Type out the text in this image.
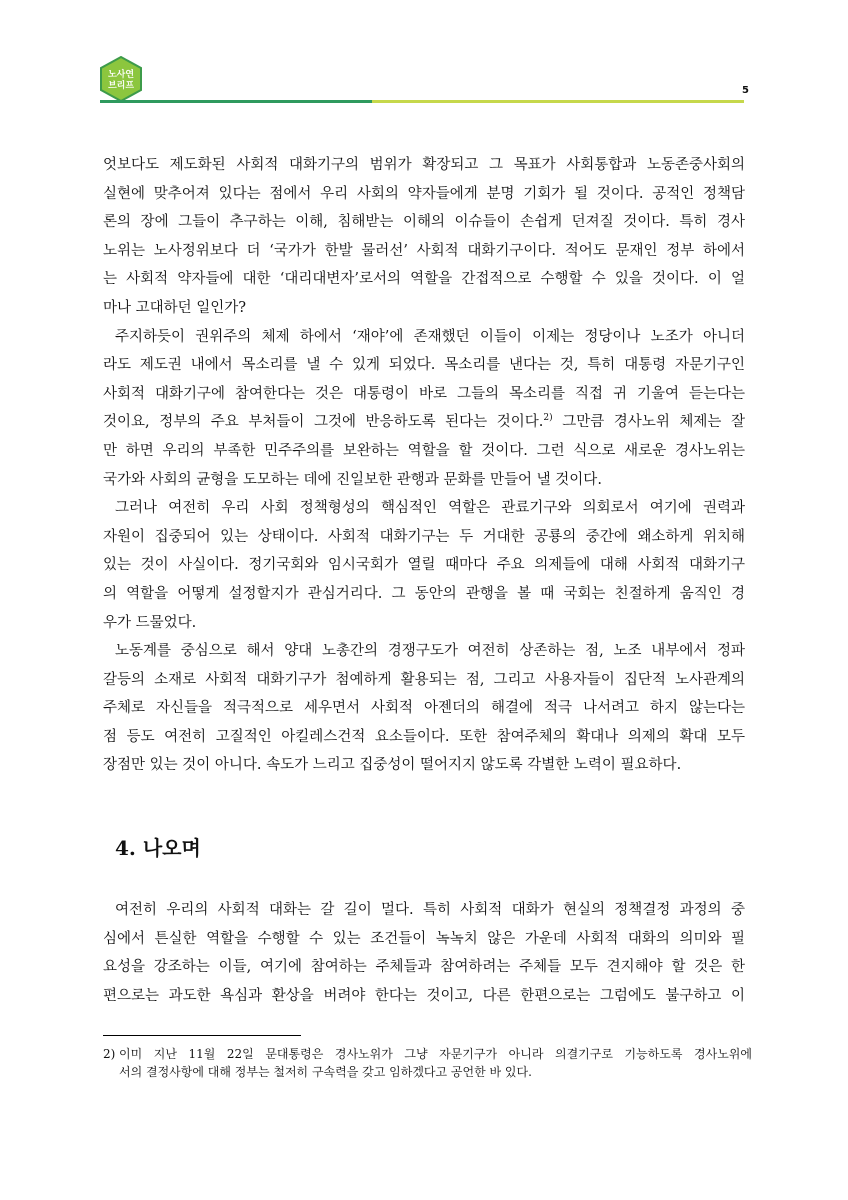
노사연
브리프	5
엇보다도 제도화된 사회적 대화기구의 범위가 확장되고 그 목표가 사회통합과 노동존중사회의
실현에 맞추어져 있다는 점에서 우리 사회의 약자들에게 분명 기회가 될 것이다. 공적인 정책담
론의 장에 그들이 추구하는 이해, 침해받는 이해의 이슈들이 손쉽게 던져질 것이다. 특히 경사
노위는 노사정위보다 더 ‘국가가 한발 물러선’ 사회적 대화기구이다. 적어도 문재인 정부 하에서
는 사회적 약자들에 대한 ‘대리대변자’로서의 역할을 간접적으로 수행할 수 있을 것이다. 이 얼
마나 고대하던 일인가?
주지하듯이 권위주의 체제 하에서 ‘재야’에 존재했던 이들이 이제는 정당이나 노조가 아니더
라도 제도권 내에서 목소리를 낼 수 있게 되었다. 목소리를 낸다는 것, 특히 대통령 자문기구인
사회적 대화기구에 참여한다는 것은 대통령이 바로 그들의 목소리를 직접 귀 기울여 듣는다는
것이요, 정부의 주요 부처들이 그것에 반응하도록 된다는 것이다.$^{2)}$ 그만큼 경사노위 체제는 잘
만 하면 우리의 부족한 민주주의를 보완하는 역할을 할 것이다. 그런 식으로 새로운 경사노위는
국가와 사회의 균형을 도모하는 데에 진일보한 관행과 문화를 만들어 낼 것이다.
그러나 여전히 우리 사회 정책형성의 핵심적인 역할은 관료기구와 의회로서 여기에 권력과
자원이 집중되어 있는 상태이다. 사회적 대화기구는 두 거대한 공룡의 중간에 왜소하게 위치해
있는 것이 사실이다. 정기국회와 임시국회가 열릴 때마다 주요 의제들에 대해 사회적 대화기구
의 역할을 어떻게 설정할지가 관심거리다. 그 동안의 관행을 볼 때 국회는 친절하게 움직인 경
우가 드물었다.
노동계를 중심으로 해서 양대 노총간의 경쟁구도가 여전히 상존하는 점, 노조 내부에서 정파
갈등의 소재로 사회적 대화기구가 첨예하게 활용되는 점, 그리고 사용자들이 집단적 노사관계의
주체로 자신들을 적극적으로 세우면서 사회적 아젠더의 해결에 적극 나서려고 하지 않는다는
점 등도 여전히 고질적인 아킬레스건적 요소들이다. 또한 참여주체의 확대나 의제의 확대 모두
장점만 있는 것이 아니다. 속도가 느리고 집중성이 떨어지지 않도록 각별한 노력이 필요하다.
4. 나오며
여전히 우리의 사회적 대화는 갈 길이 멀다. 특히 사회적 대화가 현실의 정책결정 과정의 중
심에서 튼실한 역할을 수행할 수 있는 조건들이 녹녹치 않은 가운데 사회적 대화의 의미와 필
요성을 강조하는 이들, 여기에 참여하는 주체들과 참여하려는 주체들 모두 견지해야 할 것은 한
편으로는 과도한 욕심과 환상을 버려야 한다는 것이고, 다른 한편으로는 그럼에도 불구하고 이
2) 이미 지난 11월 22일 문대통령은 경사노위가 그냥 자문기구가 아니라 의결기구로 기능하도록 경사노위에
서의 결정사항에 대해 정부는 철저히 구속력을 갖고 임하겠다고 공언한 바 있다.
